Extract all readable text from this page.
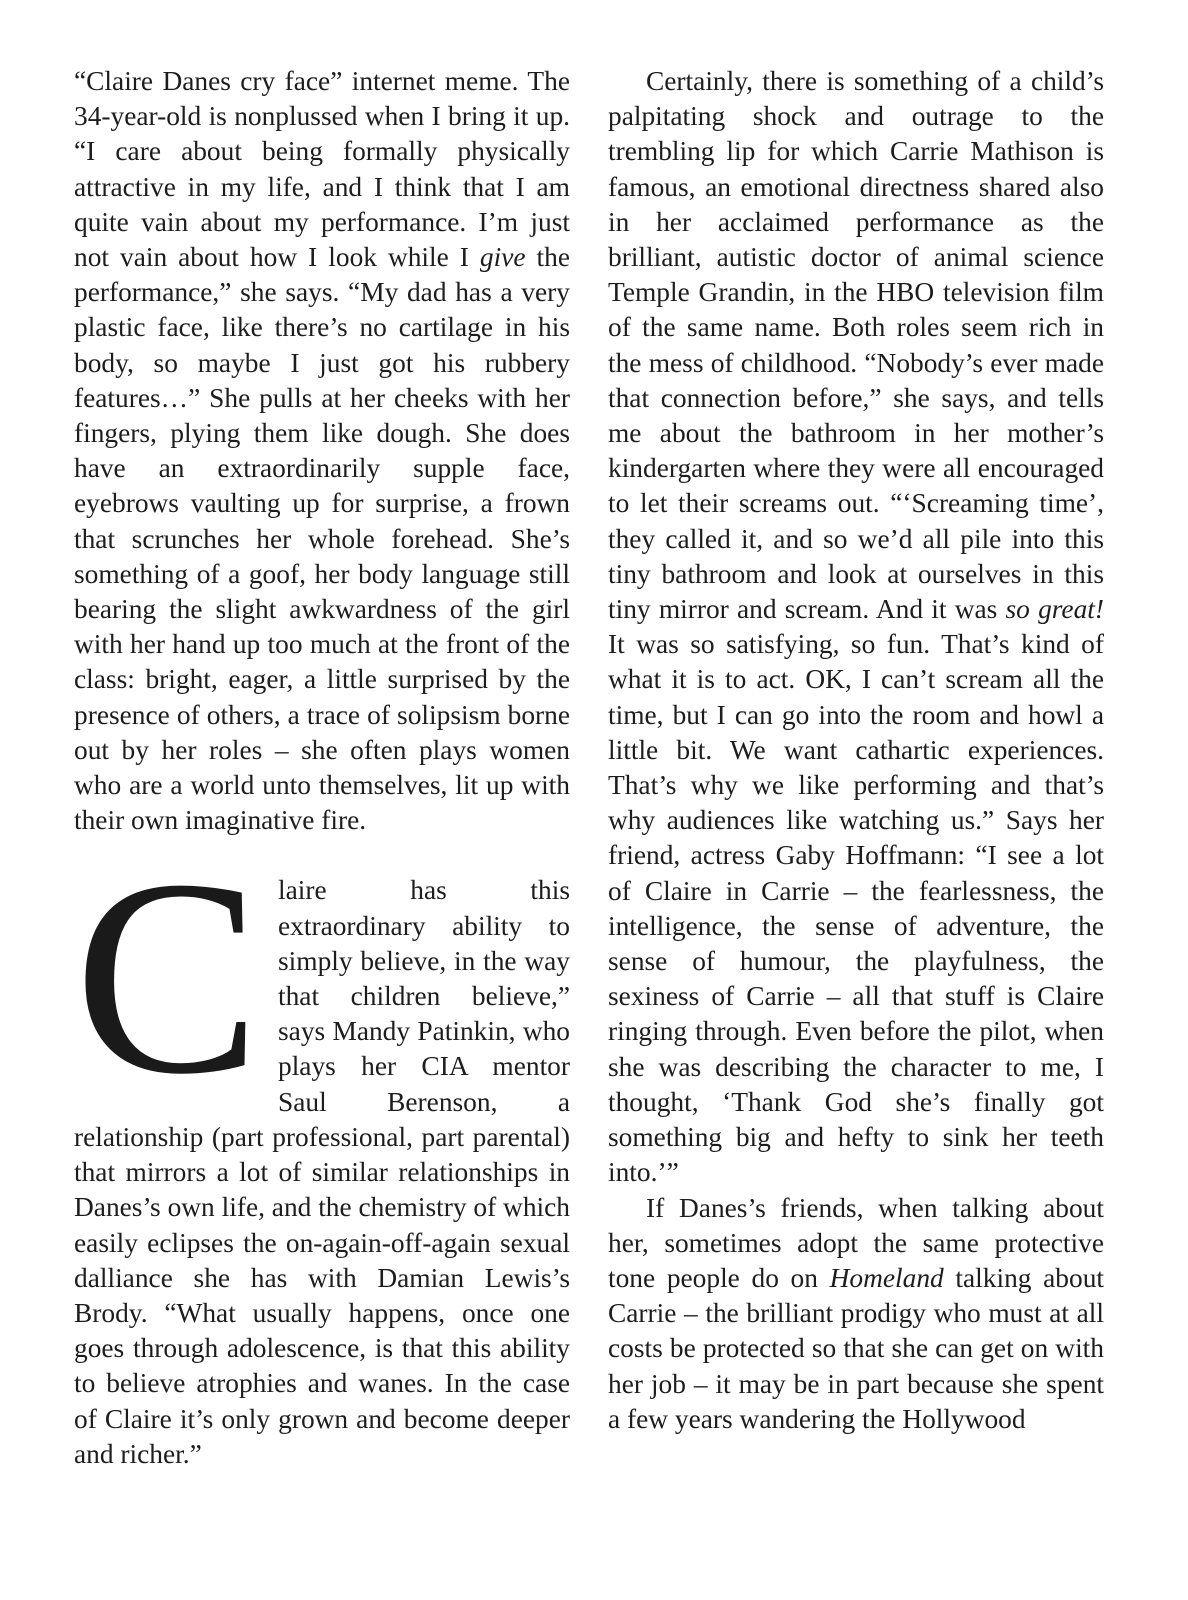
“Claire Danes cry face” internet meme. The 34-year-old is nonplussed when I bring it up. “I care about being formally physically attractive in my life, and I think that I am quite vain about my performance. I’m just not vain about how I look while I give the performance,” she says. “My dad has a very plastic face, like there’s no cartilage in his body, so maybe I just got his rubbery features…” She pulls at her cheeks with her fingers, plying them like dough. She does have an extraordinarily supple face, eyebrows vaulting up for surprise, a frown that scrunches her whole forehead. She’s something of a goof, her body language still bearing the slight awkwardness of the girl with her hand up too much at the front of the class: bright, eager, a little surprised by the presence of others, a trace of solipsism borne out by her roles – she often plays women who are a world unto themselves, lit up with their own imaginative fire.

Claire has this extraordinary ability to simply believe, in the way that children believe,” says Mandy Patinkin, who plays her CIA mentor Saul Berenson, a relationship (part professional, part parental) that mirrors a lot of similar relationships in Danes’s own life, and the chemistry of which easily eclipses the on-again-off-again sexual dalliance she has with Damian Lewis’s Brody. “What usually happens, once one goes through adolescence, is that this ability to believe atrophies and wanes. In the case of Claire it’s only grown and become deeper and richer.”

Certainly, there is something of a child’s palpitating shock and outrage to the trembling lip for which Carrie Mathison is famous, an emotional directness shared also in her acclaimed performance as the brilliant, autistic doctor of animal science Temple Grandin, in the HBO television film of the same name. Both roles seem rich in the mess of childhood. “Nobody’s ever made that connection before,” she says, and tells me about the bathroom in her mother’s kindergarten where they were all encouraged to let their screams out. “‘Screaming time’, they called it, and so we’d all pile into this tiny bathroom and look at ourselves in this tiny mirror and scream. And it was so great! It was so satisfying, so fun. That’s kind of what it is to act. OK, I can’t scream all the time, but I can go into the room and howl a little bit. We want cathartic experiences. That’s why we like performing and that’s why audiences like watching us.” Says her friend, actress Gaby Hoffmann: “I see a lot of Claire in Carrie – the fearlessness, the intelligence, the sense of adventure, the sense of humour, the playfulness, the sexiness of Carrie – all that stuff is Claire ringing through. Even before the pilot, when she was describing the character to me, I thought, ‘Thank God she’s finally got something big and hefty to sink her teeth into.’”

If Danes’s friends, when talking about her, sometimes adopt the same protective tone people do on Homeland talking about Carrie – the brilliant prodigy who must at all costs be protected so that she can get on with her job – it may be in part because she spent a few years wandering the Hollywood
